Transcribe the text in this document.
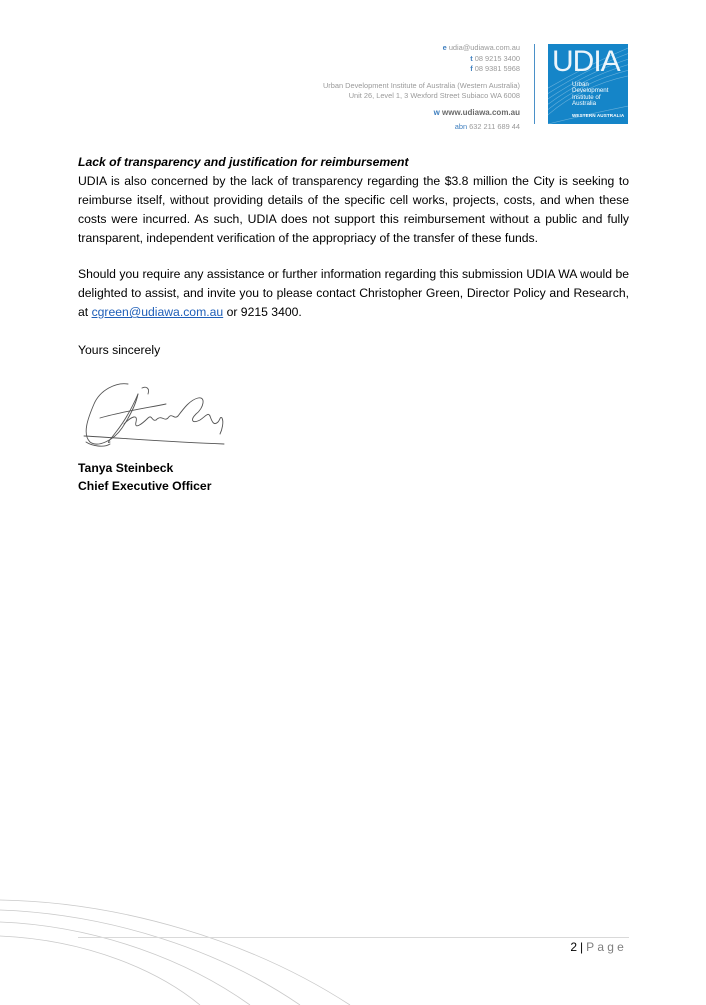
e udia@udiawa.com.au
t 08 9215 3400
f 08 9381 5968
Urban Development Institute of Australia (Western Australia)
Unit 26, Level 1, 3 Wexford Street Subiaco WA 6008
w www.udiawa.com.au
abn 632 211 689 44
UDIA
Urban
Development
Institute of
Australia
WESTERN AUSTRALIA
Lack of transparency and justification for reimbursement
UDIA is also concerned by the lack of transparency regarding the $3.8 million the City is seeking to reimburse itself, without providing details of the specific cell works, projects, costs, and when these costs were incurred. As such, UDIA does not support this reimbursement without a public and fully transparent, independent verification of the appropriacy of the transfer of these funds.
Should you require any assistance or further information regarding this submission UDIA WA would be delighted to assist, and invite you to please contact Christopher Green, Director Policy and Research, at cgreen@udiawa.com.au or 9215 3400.
Yours sincerely
Tanya Steinbeck
Chief Executive Officer
2 | Page
